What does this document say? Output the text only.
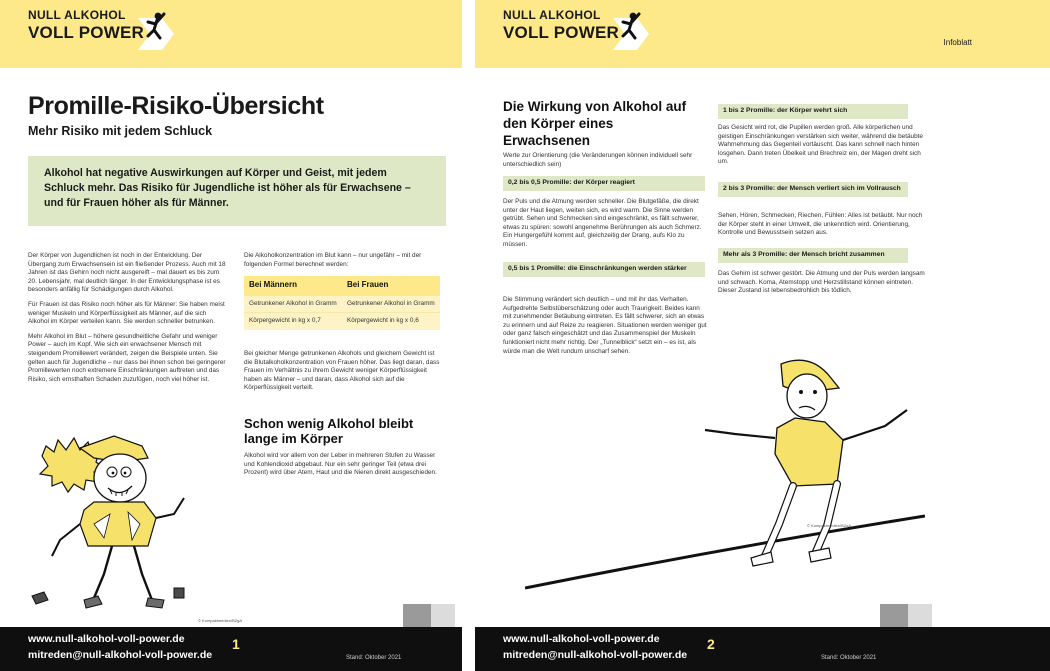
NULL ALKOHOL
VOLL POWER
Promille-Risiko-Übersicht
Mehr Risiko mit jedem Schluck
Alkohol hat negative Auswirkungen auf Körper und Geist, mit jedem Schluck mehr. Das Risiko für Jugendliche ist höher als für Erwachsene – und für Frauen höher als für Männer.

Der Körper von Jugendlichen ist noch in der Entwicklung. Der Übergang zum Erwachsensein ist ein fließender Prozess. Auch mit 18 Jahren ist das Gehirn noch nicht ausgereift – mal dauert es bis zum 20. Lebensjahr, mal deutlich länger. In der Entwicklungsphase ist es besonders anfällig für Schädigungen durch Alkohol.

Für Frauen ist das Risiko noch höher als für Männer: Sie haben meist weniger Muskeln und Körperflüssigkeit als Männer, auf die sich Alkohol im Körper verteilen kann. Sie werden schneller betrunken.

Mehr Alkohol im Blut – höhere gesundheitliche Gefahr und weniger Power – auch im Kopf. Wie sich ein erwachsener Mensch mit steigendem Promillewert verändert, zeigen die Beispiele unten. Sie gelten auch für Jugendliche – nur dass bei ihnen schon bei geringerer Promillewerten noch extremere Einschränkungen auftreten und das Risiko, sich ernsthaften Schaden zuzufügen, noch viel höher ist.

Die Alkoholkonzentration im Blut kann – nur ungefähr – mit der folgenden Formel berechnet werden:
Bei Männern	Bei Frauen
Getrunkener Alkohol in Gramm	Getrunkener Alkohol in Gramm
Körpergewicht in kg x 0,7	Körpergewicht in kg x 0,6
Bei gleicher Menge getrunkenen Alkohols und gleichem Gewicht ist die Blutalkoholkonzentration von Frauen höher. Das liegt daran, dass Frauen im Verhältnis zu ihrem Gewicht weniger Körperflüssigkeit haben als Männer – und daran, dass Alkohol sich auf die Körperflüssigkeit verteilt.
Schon wenig Alkohol bleibt lange im Körper
Alkohol wird vor allem von der Leber in mehreren Stufen zu Wasser und Kohlendioxid abgebaut. Nur ein sehr geringer Teil (etwa drei Prozent) wird über Atem, Haut und die Nieren direkt ausgeschieden.
© Kompaktmedien/BZgA
www.null-alkohol-voll-power.de
mitreden@null-alkohol-voll-power.de
1
Stand: Oktober 2021
NULL ALKOHOL
VOLL POWER
Infoblatt
Die Wirkung von Alkohol auf den Körper eines Erwachsenen
Werte zur Orientierung (die Veränderungen können individuell sehr unterschiedlich sein)
0,2 bis 0,5 Promille: der Körper reagiert
Der Puls und die Atmung werden schneller. Die Blutgefäße, die direkt unter der Haut liegen, weiten sich, es wird warm. Die Sinne werden getrübt. Sehen und Schmecken sind eingeschränkt, es fällt schwerer, etwas zu spüren: sowohl angenehme Berührungen als auch Schmerz. Ein Hungergefühl kommt auf, gleichzeitig der Drang, aufs Klo zu müssen.
0,5 bis 1 Promille: die Einschränkungen werden stärker
Die Stimmung verändert sich deutlich – und mit ihr das Verhalten. Aufgedrehte Selbstüberschätzung oder auch Traurigkeit: Beides kann mit zunehmender Betäubung eintreten. Es fällt schwerer, sich an etwas zu erinnern und auf Reize zu reagieren. Situationen werden weniger gut oder ganz falsch eingeschätzt und das Zusammenspiel der Muskeln funktioniert nicht mehr richtig. Der „Tunnelblick“ setzt ein – es ist, als würde man die Welt rundum unscharf sehen.
1 bis 2 Promille: der Körper wehrt sich
Das Gesicht wird rot, die Pupillen werden groß. Alle körperlichen und geistigen Einschränkungen verstärken sich weiter, während die betäubte Wahrnehmung das Gegenteil vortäuscht. Das kann schnell nach hinten losgehen. Dann treten Übelkeit und Brechreiz ein, der Magen dreht sich um.
2 bis 3 Promille: der Mensch verliert sich im Vollrausch
Sehen, Hören, Schmecken, Riechen, Fühlen: Alles ist betäubt. Nur noch der Körper steht in einer Umwelt, die unkenntlich wird. Orientierung, Kontrolle und Bewusstsein setzen aus.
Mehr als 3 Promille: der Mensch bricht zusammen
Das Gehirn ist schwer gestört. Die Atmung und der Puls werden langsam und schwach. Koma, Atemstopp und Herzstillstand können eintreten. Dieser Zustand ist lebensbedrohlich bis tödlich.
© Kompaktmedien/BZgA
www.null-alkohol-voll-power.de
mitreden@null-alkohol-voll-power.de
2
Stand: Oktober 2021
